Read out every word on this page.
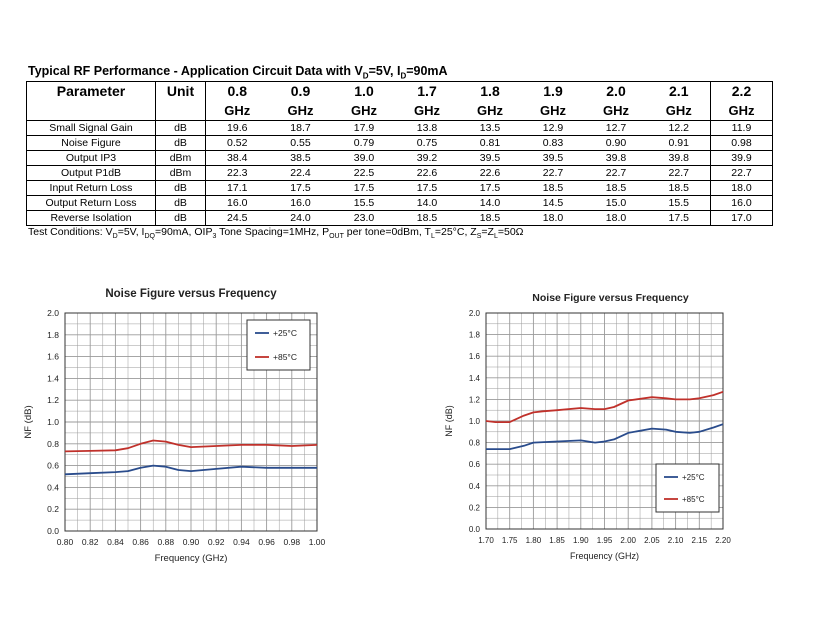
Typical RF Performance - Application Circuit Data with $V_D=5V$, $I_D=90mA$
Parameter	Unit	0.8	0.9	1.0	1.7	1.8	1.9	2.0	2.1	2.2
		GHz	GHz	GHz	GHz	GHz	GHz	GHz	GHz	GHz
Small Signal Gain	dB	19.6	18.7	17.9	13.8	13.5	12.9	12.7	12.2	11.9
Noise Figure	dB	0.52	0.55	0.79	0.75	0.81	0.83	0.90	0.91	0.98
Output IP3	dBm	38.4	38.5	39.0	39.2	39.5	39.5	39.8	39.8	39.9
Output P1dB	dBm	22.3	22.4	22.5	22.6	22.6	22.7	22.7	22.7	22.7
Input Return Loss	dB	17.1	17.5	17.5	17.5	17.5	18.5	18.5	18.5	18.0
Output Return Loss	dB	16.0	16.0	15.5	14.0	14.0	14.5	15.0	15.5	16.0
Reverse Isolation	dB	24.5	24.0	23.0	18.5	18.5	18.0	18.0	17.5	17.0
Test Conditions: $V_D=5V$, $I_{DQ}=90mA$, $OIP_3$ Tone Spacing=1MHz, $P_{OUT}$ per tone=0dBm, $T_L=25^\circ C$, $Z_S=Z_L=50\Omega$
Noise Figure versus Frequency
0.80 0.82 0.84 0.86 0.88 0.90 0.92 0.94 0.96 0.98 1.00
0.0
0.2
0.4
0.6
0.8
1.0
1.2
1.4
1.6
1.8
2.0
Frequency (GHz)
NF (dB)
+25°C
+85°C
Noise Figure versus Frequency
1.70 1.75 1.80 1.85 1.90 1.95 2.00 2.05 2.10 2.15 2.20
0.0
0.2
0.4
0.6
0.8
1.0
1.2
1.4
1.6
1.8
2.0
Frequency (GHz)
NF (dB)
+25°C
+85°C
